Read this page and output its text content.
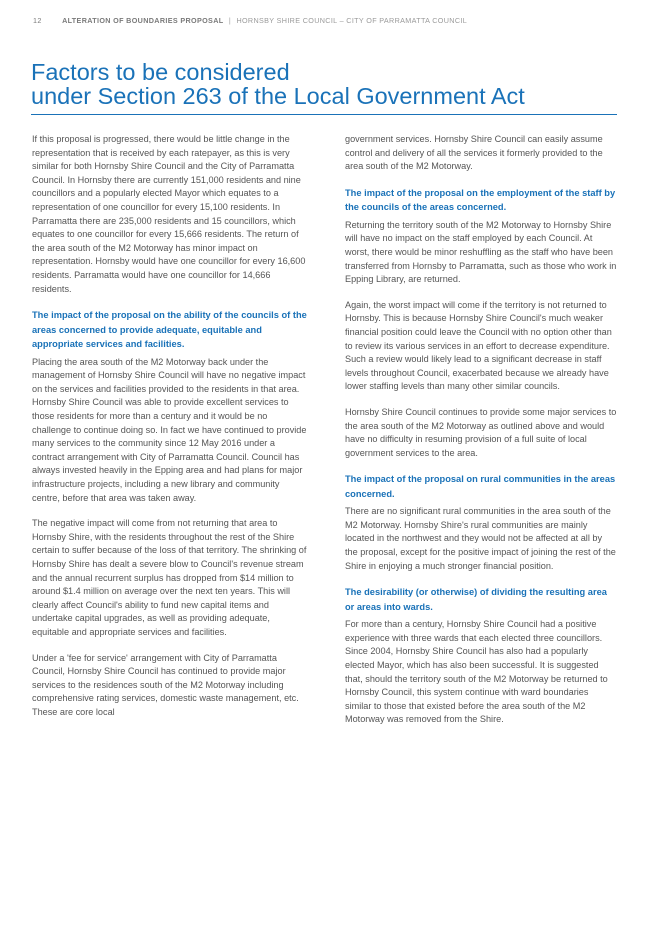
12	ALTERATION OF BOUNDARIES PROPOSAL | HORNSBY SHIRE COUNCIL – CITY OF PARRAMATTA COUNCIL
Factors to be considered
under Section 263 of the Local Government Act

If this proposal is progressed, there would be little change in the representation that is received by each ratepayer, as this is very similar for both Hornsby Shire Council and the City of Parramatta Council. In Hornsby there are currently 151,000 residents and nine councillors and a popularly elected Mayor which equates to a representation of one councillor for every 15,100 residents. In Parramatta there are 235,000 residents and 15 councillors, which equates to one councillor for every 15,666 residents. The return of the area south of the M2 Motorway has minor impact on representation. Hornsby would have one councillor for every 16,600 residents. Parramatta would have one councillor for 14,666 residents.

The impact of the proposal on the ability of the councils of the areas concerned to provide adequate, equitable and appropriate services and facilities.

Placing the area south of the M2 Motorway back under the management of Hornsby Shire Council will have no negative impact on the services and facilities provided to the residents in that area. Hornsby Shire Council was able to provide excellent services to those residents for more than a century and it would be no challenge to continue doing so. In fact we have continued to provide many services to the community since 12 May 2016 under a contract arrangement with City of Parramatta Council. Council has always invested heavily in the Epping area and had plans for major infrastructure projects, including a new library and community centre, before that area was taken away.

The negative impact will come from not returning that area to Hornsby Shire, with the residents throughout the rest of the Shire certain to suffer because of the loss of that territory. The shrinking of Hornsby Shire has dealt a severe blow to Council's revenue stream and the annual recurrent surplus has dropped from $14 million to around $1.4 million on average over the next ten years. This will clearly affect Council's ability to fund new capital items and undertake capital upgrades, as well as providing adequate, equitable and appropriate services and facilities.

Under a 'fee for service' arrangement with City of Parramatta Council, Hornsby Shire Council has continued to provide major services to the residences south of the M2 Motorway including comprehensive rating services, domestic waste management, etc. These are core local

government services. Hornsby Shire Council can easily assume control and delivery of all the services it formerly provided to the area south of the M2 Motorway.

The impact of the proposal on the employment of the staff by the councils of the areas concerned.

Returning the territory south of the M2 Motorway to Hornsby Shire will have no impact on the staff employed by each Council. At worst, there would be minor reshuffling as the staff who have been transferred from Hornsby to Parramatta, such as those who work in Epping Library, are returned.

Again, the worst impact will come if the territory is not returned to Hornsby. This is because Hornsby Shire Council's much weaker financial position could leave the Council with no option other than to review its various services in an effort to decrease expenditure. Such a review would likely lead to a significant decrease in staff levels throughout Council, exacerbated because we already have lower staffing levels than many other similar councils.

Hornsby Shire Council continues to provide some major services to the area south of the M2 Motorway as outlined above and would have no difficulty in resuming provision of a full suite of local government services to the area.

The impact of the proposal on rural communities in the areas concerned.

There are no significant rural communities in the area south of the M2 Motorway. Hornsby Shire's rural communities are mainly located in the northwest and they would not be affected at all by the proposal, except for the positive impact of joining the rest of the Shire in enjoying a much stronger financial position.

The desirability (or otherwise) of dividing the resulting area or areas into wards.

For more than a century, Hornsby Shire Council had a positive experience with three wards that each elected three councillors. Since 2004, Hornsby Shire Council has also had a popularly elected Mayor, which has also been successful. It is suggested that, should the territory south of the M2 Motorway be returned to Hornsby Council, this system continue with ward boundaries similar to those that existed before the area south of the M2 Motorway was removed from the Shire.
